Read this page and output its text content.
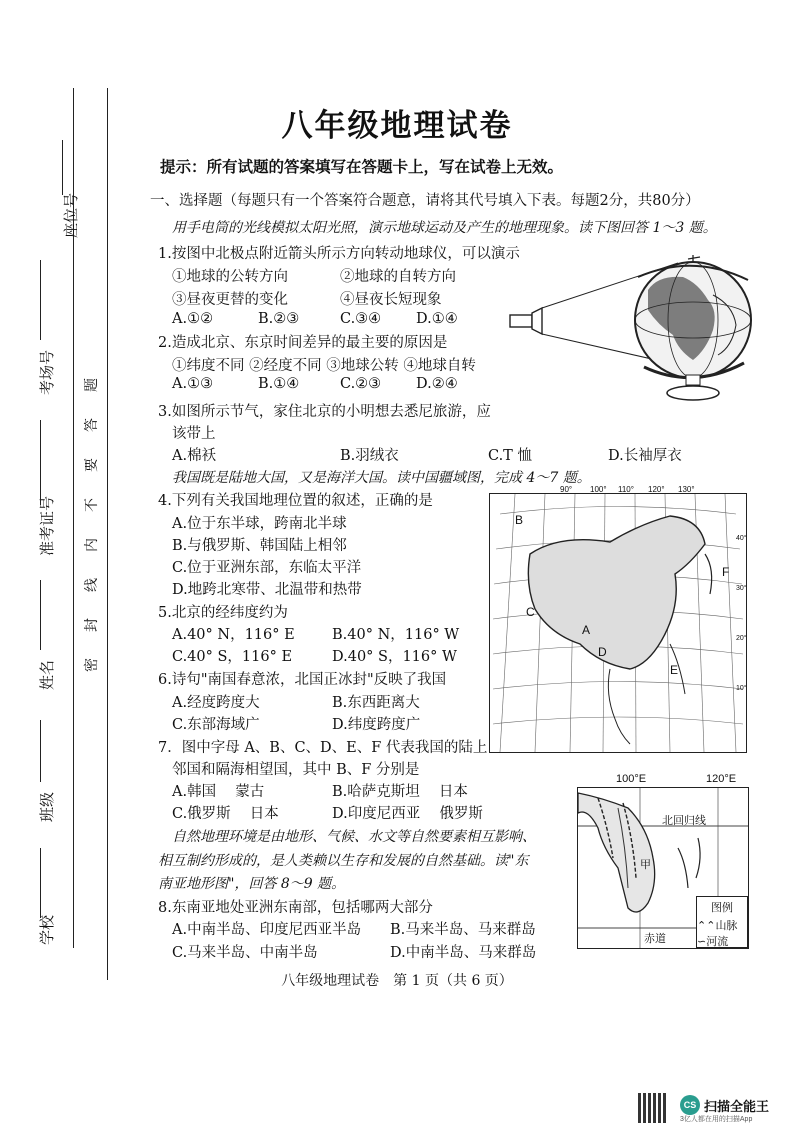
座位号
考场号
准考证号
姓名
班级
学校
题
答
要
不
内
线
封
密
八年级地理试卷
提示：所有试题的答案填写在答题卡上，写在试卷上无效。
一、选择题（每题只有一个答案符合题意，请将其代号填入下表。每题2分，共80分）
用手电筒的光线模拟太阳光照，演示地球运动及产生的地理现象。读下图回答 1～3 题。
1.按图中北极点附近箭头所示方向转动地球仪，可以演示
①地球的公转方向	②地球的自转方向
③昼夜更替的变化	④昼夜长短现象
A.①②	B.②③	C.③④ D.①④
2.造成北京、东京时间差异的最主要的原因是
①纬度不同 ②经度不同 ③地球公转 ④地球自转
A.①③	B.①④	C.②③ D.②④
3.如图所示节气，家住北京的小明想去悉尼旅游，应
该带上
A.棉袄	B.羽绒衣	C.T 恤	D.长袖厚衣
我国既是陆地大国，又是海洋大国。读中国疆域图，完成 4～7 题。
4.下列有关我国地理位置的叙述，正确的是
A.位于东半球，跨南北半球
B.与俄罗斯、韩国陆上相邻
C.位于亚洲东部，东临太平洋
D.地跨北寒带、北温带和热带
5.北京的经纬度约为
A.40° N，116° E	B.40° N，116° W
C.40° S，116° E	D.40° S，116° W
6.诗句"南国春意浓，北国正冰封"反映了我国
A.经度跨度大	B.东西距离大
C.东部海域广	D.纬度跨度广
7．图中字母 A、B、C、D、E、F 代表我国的陆上
邻国和隔海相望国，其中 B、F 分别是
A.韩国　 蒙古	B.哈萨克斯坦　 日本
C.俄罗斯　 日本	D.印度尼西亚　 俄罗斯
自然地理环境是由地形、气候、水文等自然要素相互影响、
相互制约形成的，是人类赖以生存和发展的自然基础。读"东
南亚地形图"，回答 8～9 题。
8.东南亚地处亚洲东南部，包括哪两大部分
A.中南半岛、印度尼西亚半岛 B.马来半岛、马来群岛
C.马来半岛、中南半岛	D.中南半岛、马来群岛
B
F
C
A
D
E
90° 100° 110° 120° 130°
40°
30°
20°
10°
100°E	120°E
北回归线
甲
赤道
图例
⌃⌃山脉
∽河流
八年级地理试卷　第 1 页（共 6 页）
CS 扫描全能王
3亿人都在用的扫描App
